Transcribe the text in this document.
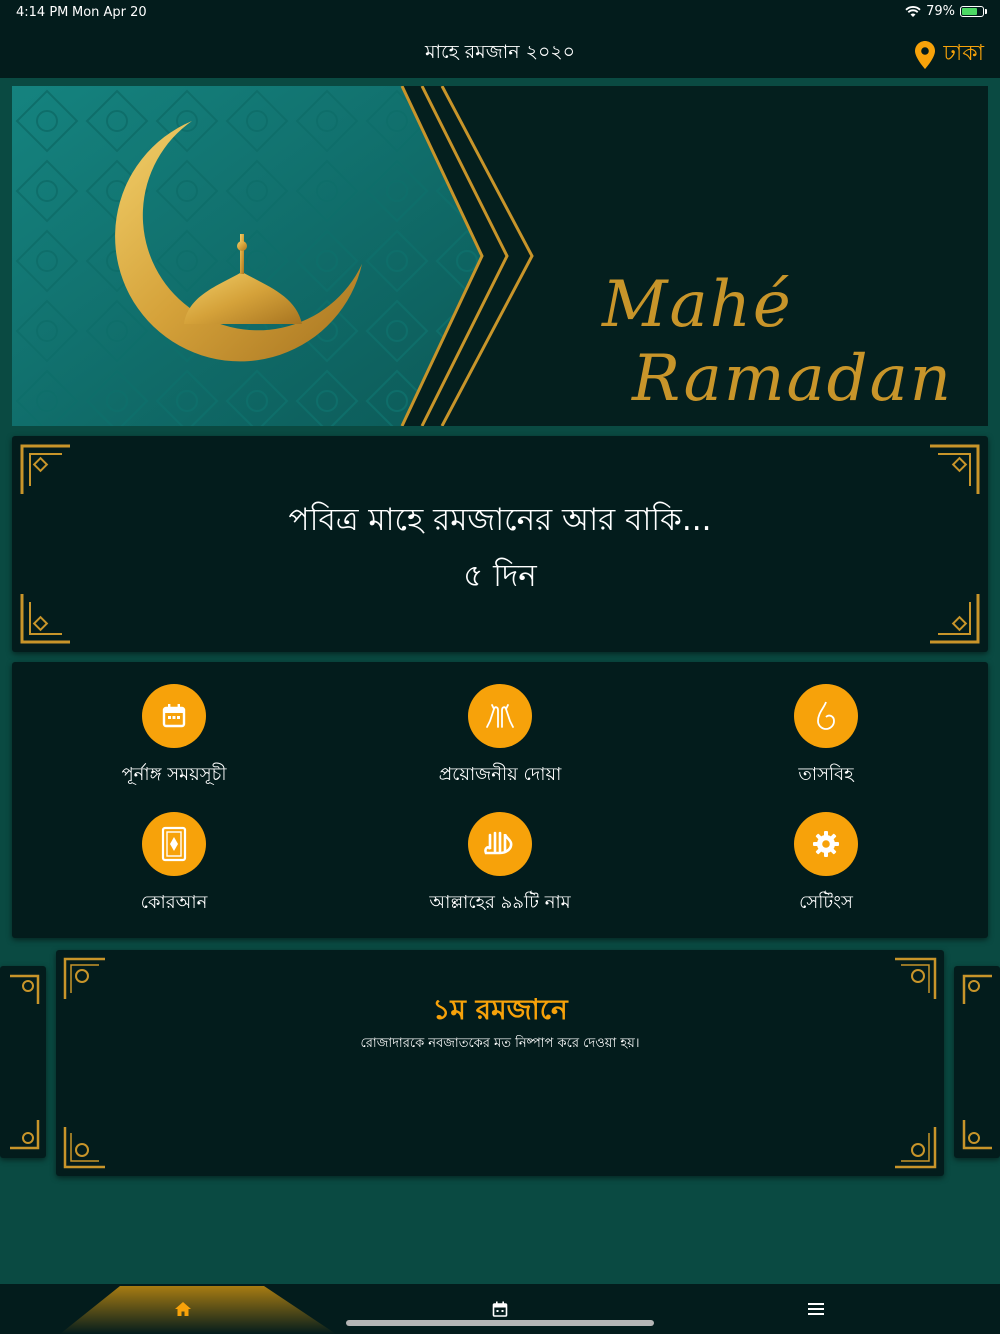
4:14 PM Mon Apr 20	79%
মাহে রমজান ২০২০	ঢাকা
Mahé
Ramadan
পবিত্র মাহে রমজানের আর বাকি...
৫ দিন
পূর্নাঙ্গ সময়সূচী	প্রয়োজনীয় দোয়া	তাসবিহ
কোরআন	আল্লাহের ৯৯টি নাম	সেটিংস
১ম রমজানে
রোজাদারকে নবজাতকের মত নিষ্পাপ করে দেওয়া হয়।
